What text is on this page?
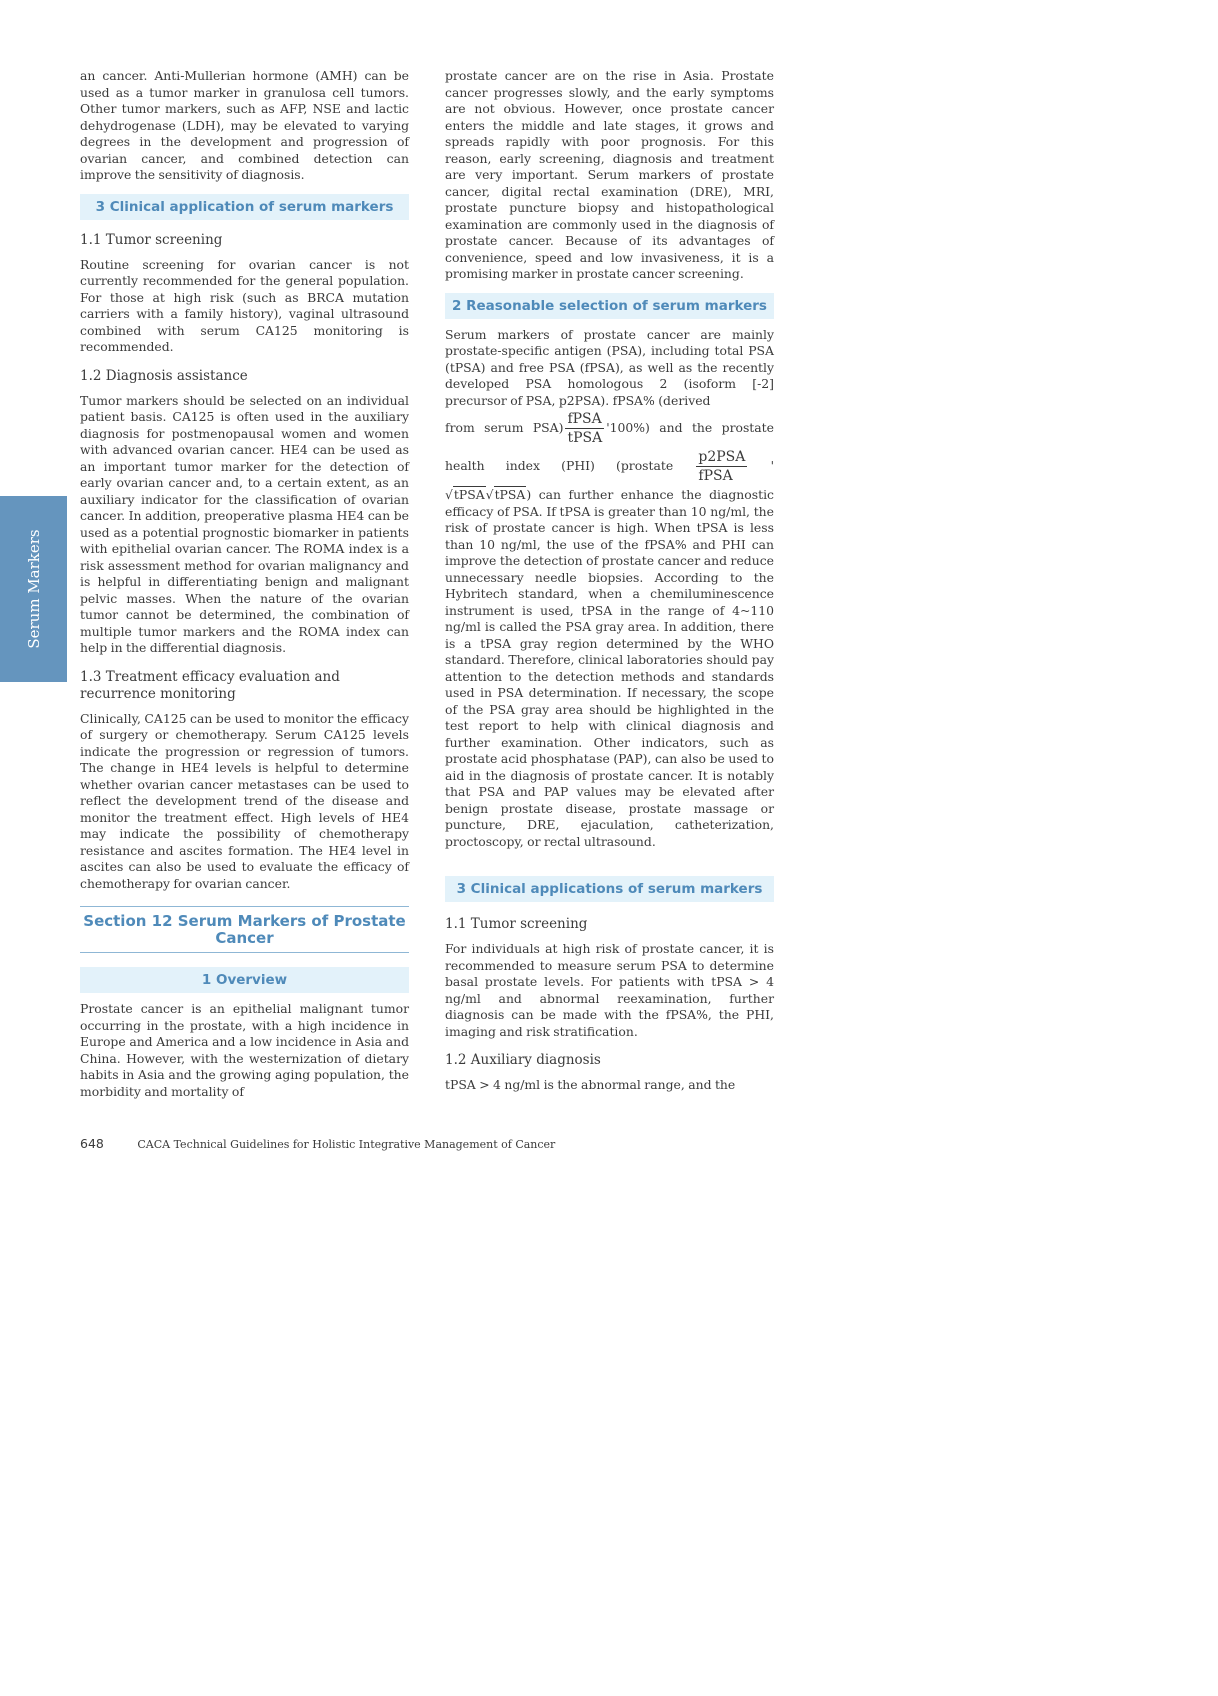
Serum Markers

an cancer. Anti-Mullerian hormone (AMH) can be used as a tumor marker in granulosa cell tumors. Other tumor markers, such as AFP, NSE and lactic dehydrogenase (LDH), may be elevated to varying degrees in the development and progression of ovarian cancer, and combined detection can improve the sensitivity of diagnosis.

3 Clinical application of serum markers
1.1 Tumor screening

Routine screening for ovarian cancer is not currently recommended for the general population. For those at high risk (such as BRCA mutation carriers with a family history), vaginal ultrasound combined with serum CA125 monitoring is recommended.

1.2 Diagnosis assistance

Tumor markers should be selected on an individual patient basis. CA125 is often used in the auxiliary diagnosis for postmenopausal women and women with advanced ovarian cancer. HE4 can be used as an important tumor marker for the detection of early ovarian cancer and, to a certain extent, as an auxiliary indicator for the classification of ovarian cancer. In addition, preoperative plasma HE4 can be used as a potential prognostic biomarker in patients with epithelial ovarian cancer. The ROMA index is a risk assessment method for ovarian malignancy and is helpful in differentiating benign and malignant pelvic masses. When the nature of the ovarian tumor cannot be determined, the combination of multiple tumor markers and the ROMA index can help in the differential diagnosis.

1.3 Treatment efficacy evaluation and recurrence monitoring

Clinically, CA125 can be used to monitor the efficacy of surgery or chemotherapy. Serum CA125 levels indicate the progression or regression of tumors. The change in HE4 levels is helpful to determine whether ovarian cancer metastases can be used to reflect the development trend of the disease and monitor the treatment effect. High levels of HE4 may indicate the possibility of chemotherapy resistance and ascites formation. The HE4 level in ascites can also be used to evaluate the efficacy of chemotherapy for ovarian cancer.

Section 12 Serum Markers of Prostate Cancer
1 Overview

Prostate cancer is an epithelial malignant tumor occurring in the prostate, with a high incidence in Europe and America and a low incidence in Asia and China. However, with the westernization of dietary habits in Asia and the growing aging population, the morbidity and mortality of

prostate cancer are on the rise in Asia. Prostate cancer progresses slowly, and the early symptoms are not obvious. However, once prostate cancer enters the middle and late stages, it grows and spreads rapidly with poor prognosis. For this reason, early screening, diagnosis and treatment are very important. Serum markers of prostate cancer, digital rectal examination (DRE), MRI, prostate puncture biopsy and histopathological examination are commonly used in the diagnosis of prostate cancer. Because of its advantages of convenience, speed and low invasiveness, it is a promising marker in prostate cancer screening.

2 Reasonable selection of serum markers

Serum markers of prostate cancer are mainly prostate-specific antigen (PSA), including total PSA (tPSA) and free PSA (fPSA), as well as the recently developed PSA homologous 2 (isoform [-2] precursor of PSA, p2PSA). fPSA% (derived

from serum $PSA) \frac{\text{fPSA}}{\text{tPSA}}$ '100%) and the prostate

health index (PHI) (prostate $\frac{\text{p2PSA}}{\text{fPSA}}$ '

√tPSA√tPSA) can further enhance the diagnostic efficacy of PSA. If tPSA is greater than 10 ng/ml, the risk of prostate cancer is high. When tPSA is less than 10 ng/ml, the use of the fPSA% and PHI can improve the detection of prostate cancer and reduce unnecessary needle biopsies. According to the Hybritech standard, when a chemiluminescence instrument is used, tPSA in the range of 4~110 ng/ml is called the PSA gray area. In addition, there is a tPSA gray region determined by the WHO standard. Therefore, clinical laboratories should pay attention to the detection methods and standards used in PSA determination. If necessary, the scope of the PSA gray area should be highlighted in the test report to help with clinical diagnosis and further examination. Other indicators, such as prostate acid phosphatase (PAP), can also be used to aid in the diagnosis of prostate cancer. It is notably that PSA and PAP values may be elevated after benign prostate disease, prostate massage or puncture, DRE, ejaculation, catheterization, proctoscopy, or rectal ultrasound.

3 Clinical applications of serum markers
1.1 Tumor screening

For individuals at high risk of prostate cancer, it is recommended to measure serum PSA to determine basal prostate levels. For patients with tPSA > 4 ng/ml and abnormal reexamination, further diagnosis can be made with the fPSA%, the PHI, imaging and risk stratification.

1.2 Auxiliary diagnosis

tPSA > 4 ng/ml is the abnormal range, and the

648	CACA Technical Guidelines for Holistic Integrative Management of Cancer
